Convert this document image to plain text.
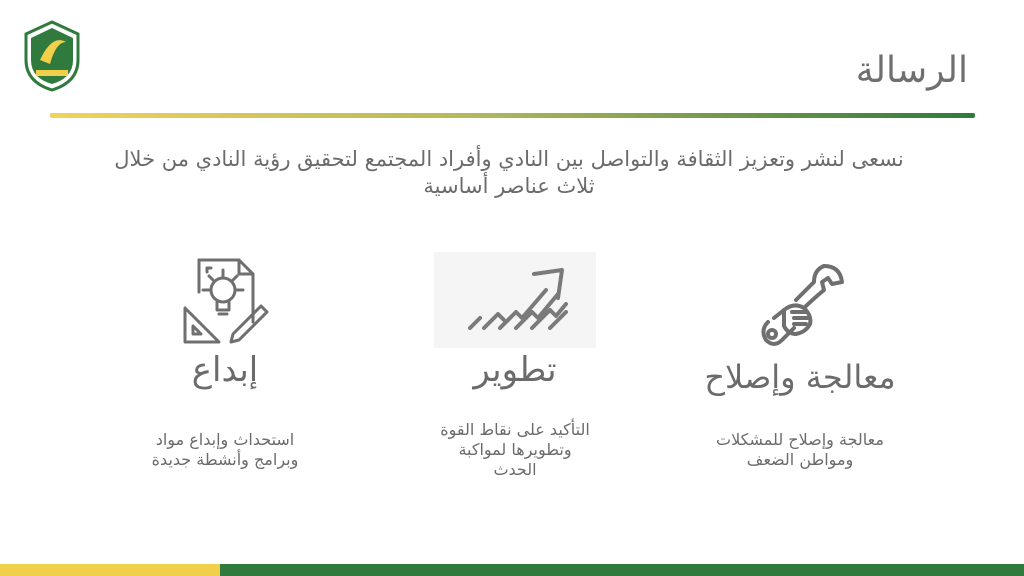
الرسالة
نسعى لنشر وتعزيز الثقافة والتواصل بين النادي وأفراد المجتمع لتحقيق رؤية النادي من خلال
ثلاث عناصر أساسية
إبداع
استحداث وإبداع مواد
وبرامج وأنشطة جديدة
تطوير
التأكيد على نقاط القوة
وتطويرها لمواكبة
الحدث
معالجة وإصلاح
معالجة وإصلاح للمشكلات
ومواطن الضعف
